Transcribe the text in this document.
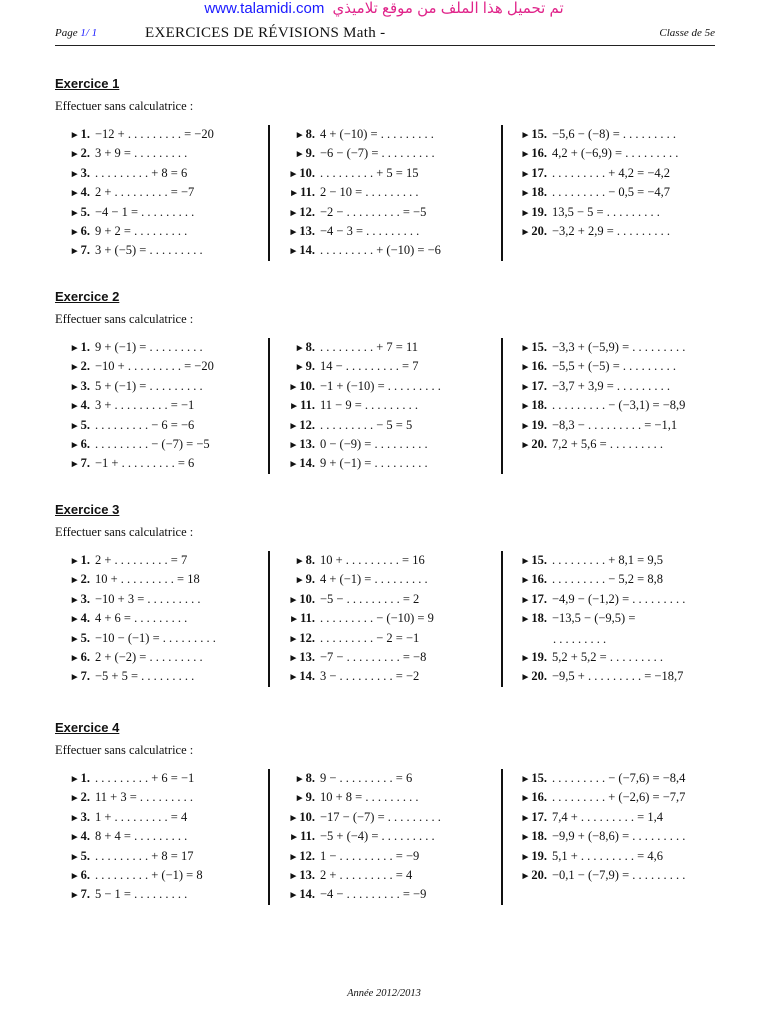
www.talamidi.com تم تحميل هذا الملف من موقع تلاميذي
Page 1/ 1	EXERCICES DE RÉVISIONS Math -	Classe de 5e
Exercice 1
Effectuer sans calculatrice :
► 1. −12 + . . . . . . . . . = −20
► 2. 3 + 9 = . . . . . . . . .
► 3. . . . . . . . . . + 8 = 6
► 4. 2 + . . . . . . . . . = −7
► 5. −4 − 1 = . . . . . . . . .
► 6. 9 + 2 = . . . . . . . . .
► 7. 3 + (−5) = . . . . . . . . .
► 8. 4 + (−10) = . . . . . . . . .
► 9. −6 − (−7) = . . . . . . . . .
► 10. . . . . . . . . . + 5 = 15
► 11. 2 − 10 = . . . . . . . . .
► 12. −2 − . . . . . . . . . = −5
► 13. −4 − 3 = . . . . . . . . .
► 14. . . . . . . . . . + (−10) = −6
► 15. −5,6 − (−8) = . . . . . . . . .
► 16. 4,2 + (−6,9) = . . . . . . . . .
► 17. . . . . . . . . . + 4,2 = −4,2
► 18. . . . . . . . . . − 0,5 = −4,7
► 19. 13,5 − 5 = . . . . . . . . .
► 20. −3,2 + 2,9 = . . . . . . . . .
Exercice 2
Effectuer sans calculatrice :
► 1. 9 + (−1) = . . . . . . . . .
► 2. −10 + . . . . . . . . . = −20
► 3. 5 + (−1) = . . . . . . . . .
► 4. 3 + . . . . . . . . . = −1
► 5. . . . . . . . . . − 6 = −6
► 6. . . . . . . . . . − (−7) = −5
► 7. −1 + . . . . . . . . . = 6
► 8. . . . . . . . . . + 7 = 11
► 9. 14 − . . . . . . . . . = 7
► 10. −1 + (−10) = . . . . . . . . .
► 11. 11 − 9 = . . . . . . . . .
► 12. . . . . . . . . . − 5 = 5
► 13. 0 − (−9) = . . . . . . . . .
► 14. 9 + (−1) = . . . . . . . . .
► 15. −3,3 + (−5,9) = . . . . . . . . .
► 16. −5,5 + (−5) = . . . . . . . . .
► 17. −3,7 + 3,9 = . . . . . . . . .
► 18. . . . . . . . . . − (−3,1) = −8,9
► 19. −8,3 − . . . . . . . . . = −1,1
► 20. 7,2 + 5,6 = . . . . . . . . .
Exercice 3
Effectuer sans calculatrice :
► 1. 2 + . . . . . . . . . = 7
► 2. 10 + . . . . . . . . . = 18
► 3. −10 + 3 = . . . . . . . . .
► 4. 4 + 6 = . . . . . . . . .
► 5. −10 − (−1) = . . . . . . . . .
► 6. 2 + (−2) = . . . . . . . . .
► 7. −5 + 5 = . . . . . . . . .
► 8. 10 + . . . . . . . . . = 16
► 9. 4 + (−1) = . . . . . . . . .
► 10. −5 − . . . . . . . . . = 2
► 11. . . . . . . . . . − (−10) = 9
► 12. . . . . . . . . . − 2 = −1
► 13. −7 − . . . . . . . . . = −8
► 14. 3 − . . . . . . . . . = −2
► 15. . . . . . . . . . + 8,1 = 9,5
► 16. . . . . . . . . . − 5,2 = 8,8
► 17. −4,9 − (−1,2) = . . . . . . . . .
► 18. −13,5 − (−9,5) =
. . . . . . . . .
► 19. 5,2 + 5,2 = . . . . . . . . .
► 20. −9,5 + . . . . . . . . . = −18,7
Exercice 4
Effectuer sans calculatrice :
► 1. . . . . . . . . . + 6 = −1
► 2. 11 + 3 = . . . . . . . . .
► 3. 1 + . . . . . . . . . = 4
► 4. 8 + 4 = . . . . . . . . .
► 5. . . . . . . . . . + 8 = 17
► 6. . . . . . . . . . + (−1) = 8
► 7. 5 − 1 = . . . . . . . . .
► 8. 9 − . . . . . . . . . = 6
► 9. 10 + 8 = . . . . . . . . .
► 10. −17 − (−7) = . . . . . . . . .
► 11. −5 + (−4) = . . . . . . . . .
► 12. 1 − . . . . . . . . . = −9
► 13. 2 + . . . . . . . . . = 4
► 14. −4 − . . . . . . . . . = −9
► 15. . . . . . . . . . − (−7,6) = −8,4
► 16. . . . . . . . . . + (−2,6) = −7,7
► 17. 7,4 + . . . . . . . . . = 1,4
► 18. −9,9 + (−8,6) = . . . . . . . . .
► 19. 5,1 + . . . . . . . . . = 4,6
► 20. −0,1 − (−7,9) = . . . . . . . . .
Année 2012/2013
